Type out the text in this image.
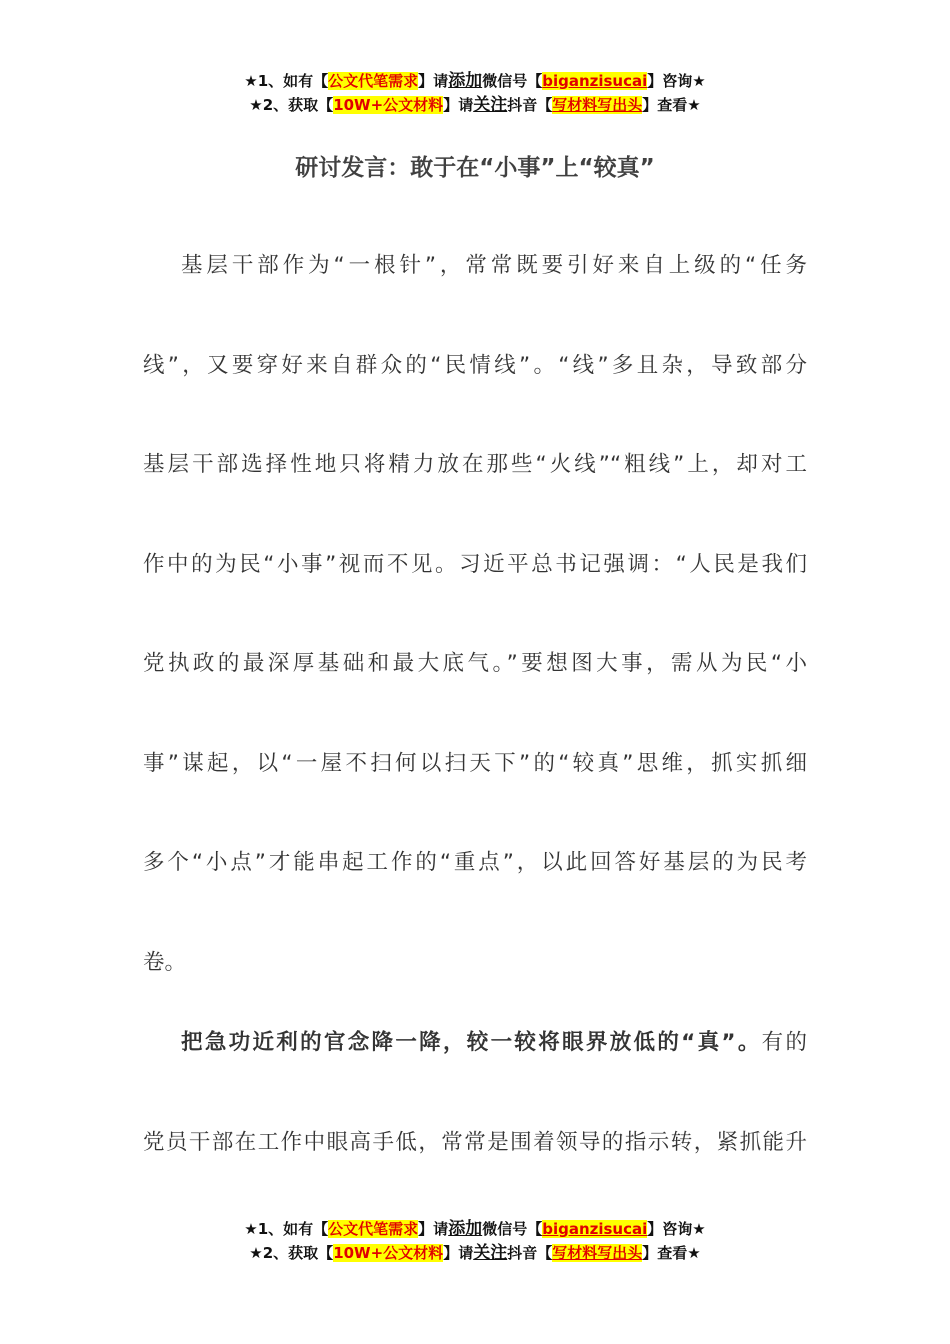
★1、如有【公文代笔需求】请添加微信号【biganzisucai】咨询★
★2、获取【10W+公文材料】请关注抖音【写材料写出头】查看★
研讨发言：敢于在“小事”上“较真”
基层干部作为“一根针”，常常既要引好来自上级的“任务
线”，又要穿好来自群众的“民情线”。“线”多且杂，导致部分
基层干部选择性地只将精力放在那些“火线”“粗线”上，却对工
作中的为民“小事”视而不见。习近平总书记强调：“人民是我们
党执政的最深厚基础和最大底气。”要想图大事，需从为民“小
事”谋起，以“一屋不扫何以扫天下”的“较真”思维，抓实抓细
多个“小点”才能串起工作的“重点”，以此回答好基层的为民考
卷。
把急功近利的官念降一降，较一较将眼界放低的“真”。有的
党员干部在工作中眼高手低，常常是围着领导的指示转，紧抓能升
★1、如有【公文代笔需求】请添加微信号【biganzisucai】咨询★
★2、获取【10W+公文材料】请关注抖音【写材料写出头】查看★
